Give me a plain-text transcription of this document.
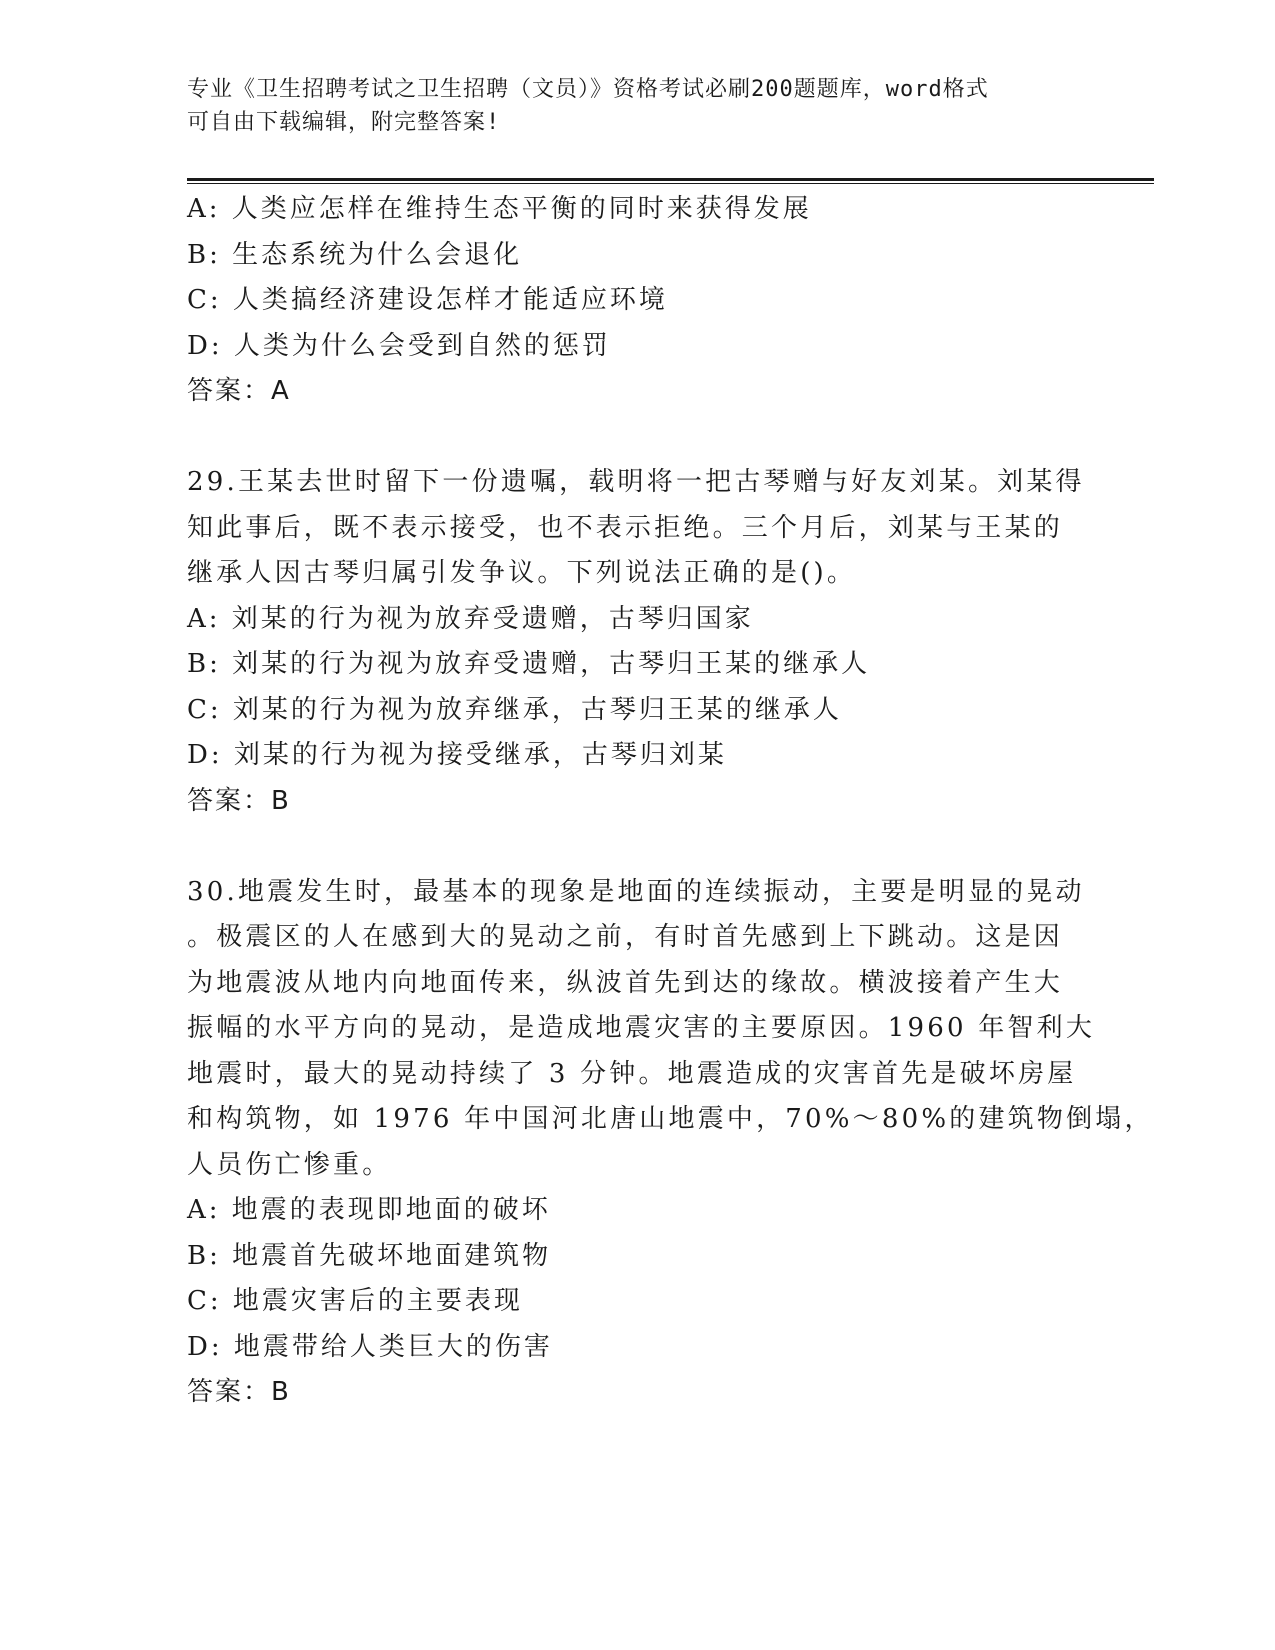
专业《卫生招聘考试之卫生招聘（文员）》资格考试必刷200题题库，word格式
可自由下载编辑，附完整答案!
A: 人类应怎样在维持生态平衡的同时来获得发展
B: 生态系统为什么会退化
C: 人类搞经济建设怎样才能适应环境
D: 人类为什么会受到自然的惩罚
答案：A
29.王某去世时留下一份遗嘱，载明将一把古琴赠与好友刘某。刘某得
知此事后，既不表示接受，也不表示拒绝。三个月后，刘某与王某的
继承人因古琴归属引发争议。下列说法正确的是()。
A: 刘某的行为视为放弃受遗赠，古琴归国家
B: 刘某的行为视为放弃受遗赠，古琴归王某的继承人
C: 刘某的行为视为放弃继承，古琴归王某的继承人
D: 刘某的行为视为接受继承，古琴归刘某
答案：B
30.地震发生时，最基本的现象是地面的连续振动，主要是明显的晃动
。极震区的人在感到大的晃动之前，有时首先感到上下跳动。这是因
为地震波从地内向地面传来，纵波首先到达的缘故。横波接着产生大
振幅的水平方向的晃动，是造成地震灾害的主要原因。1960 年智利大
地震时，最大的晃动持续了 3 分钟。地震造成的灾害首先是破坏房屋
和构筑物，如 1976 年中国河北唐山地震中，70%～80%的建筑物倒塌，
人员伤亡惨重。
A: 地震的表现即地面的破坏
B: 地震首先破坏地面建筑物
C: 地震灾害后的主要表现
D: 地震带给人类巨大的伤害
答案：B
